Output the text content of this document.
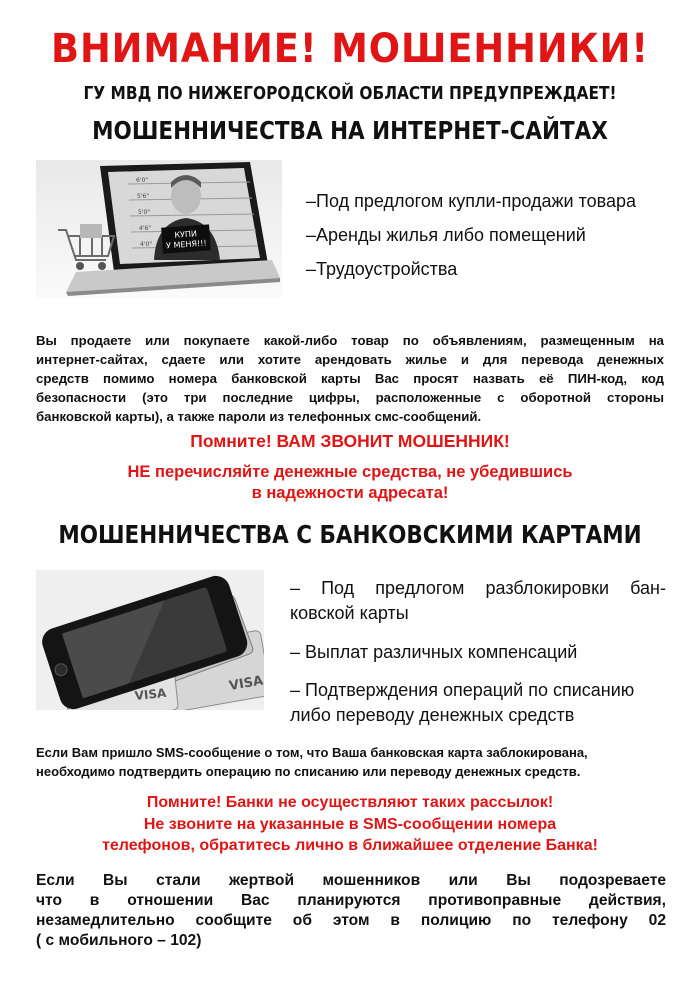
ВНИМАНИЕ! МОШЕННИКИ!
ГУ МВД ПО НИЖЕГОРОДСКОЙ ОБЛАСТИ ПРЕДУПРЕЖДАЕТ!
МОШЕННИЧЕСТВА НА ИНТЕРНЕТ-САЙТАХ
6'0"
5'6"
5'0"
4'6"
4'0"
КУПИ
У МЕНЯ!!!
–Под предлогом купли-продажи товара
–Аренды жилья либо помещений
–Трудоустройства
Вы продаете или покупаете какой-либо товар по объявлениям, размещенным на
интернет-сайтах, сдаете или хотите арендовать жилье и для перевода денежных
средств помимо номера банковской карты Вас просят назвать её ПИН-код, код
безопасности (это три последние цифры, расположенные с оборотной стороны
банковской карты), а также пароли из телефонных смс-сообщений.
Помните! ВАМ ЗВОНИТ МОШЕННИК!
НЕ перечисляйте денежные средства, не убедившись
в надежности адресата!
МОШЕННИЧЕСТВА С БАНКОВСКИМИ КАРТАМИ
VISA
VISA
– Под предлогом разблокировки бан-
ковской карты
– Выплат различных компенсаций
– Подтверждения операций по списанию
либо переводу денежных средств
Если Вам пришло SMS-сообщение о том, что Ваша банковская карта заблокирована,
необходимо подтвердить операцию по списанию или переводу денежных средств.
Помните! Банки не осуществляют таких рассылок!
Не звоните на указанные в SMS-сообщении номера
телефонов, обратитесь лично в ближайшее отделение Банка!
Если Вы стали жертвой мошенников или Вы подозреваете
что в отношении Вас планируются противоправные действия,
незамедлительно сообщите об этом в полицию по телефону 02
( с мобильного – 102)
